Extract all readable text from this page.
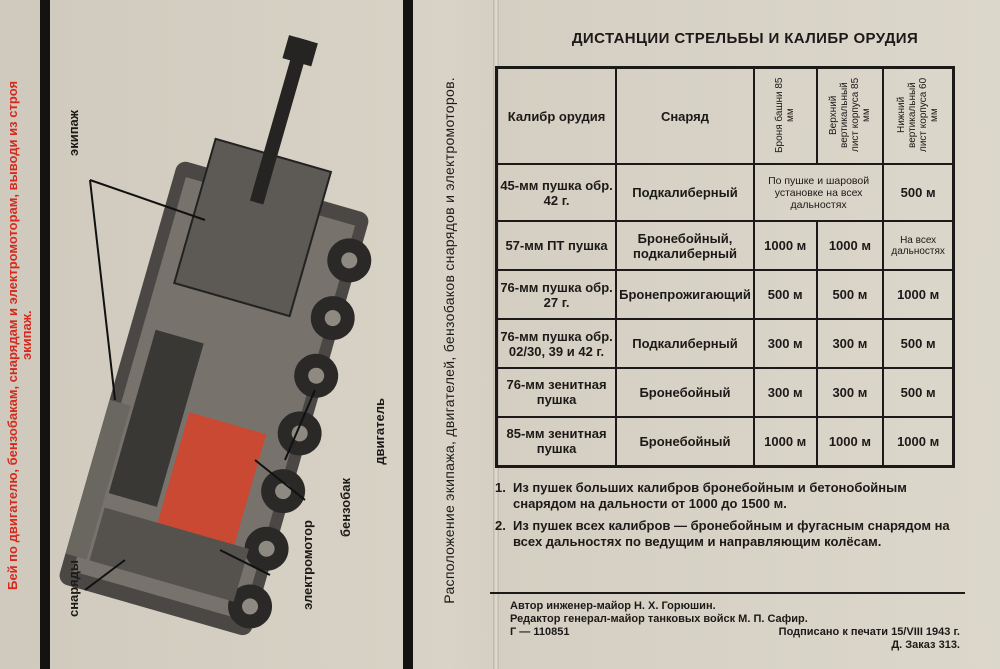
Бей по двигателю, бензобакам, снарядам и электромоторам, выводи из строя экипаж.
экипаж
двигатель
бензобак
электромотор
снаряды	Расположение экипажа, двигателей, бензобаков снарядов и электромоторов.
ДИСТАНЦИИ СТРЕЛЬБЫ И КАЛИБР ОРУДИЯ
Калибр орудия	Снаряд	Броня башни 85 мм	Верхний вертикальный лист корпуса 85 мм	Нижний вертикальный лист корпуса 60 мм
45-мм пушка обр. 42 г.	Подкалиберный	По пушке и шаровой установке на всех дальностях		500 м
57-мм ПТ пушка	Бронебойный, подкалиберный	1000 м	1000 м	На всех дальностях
76-мм пушка обр. 27 г.	Бронепрожигающий	500 м	500 м	1000 м
76-мм пушка обр. 02/30, 39 и 42 г.	Подкалиберный	300 м	300 м	500 м
76-мм зенитная пушка	Бронебойный	300 м	300 м	500 м
85-мм зенитная пушка	Бронебойный	1000 м	1000 м	1000 м
1. Из пушек больших калибров бронебойным и бетонобойным снарядом на дальности от 1000 до 1500 м.
2. Из пушек всех калибров — бронебойным и фугасным снарядом на всех дальностях по ведущим и направляющим колёсам.
Автор инженер-майор Н. Х. Горюшин.
Редактор генерал-майор танковых войск М. П. Сафир.
Г — 110851	Подписано к печати 15/VIII 1943 г.
Д. Заказ 313.
